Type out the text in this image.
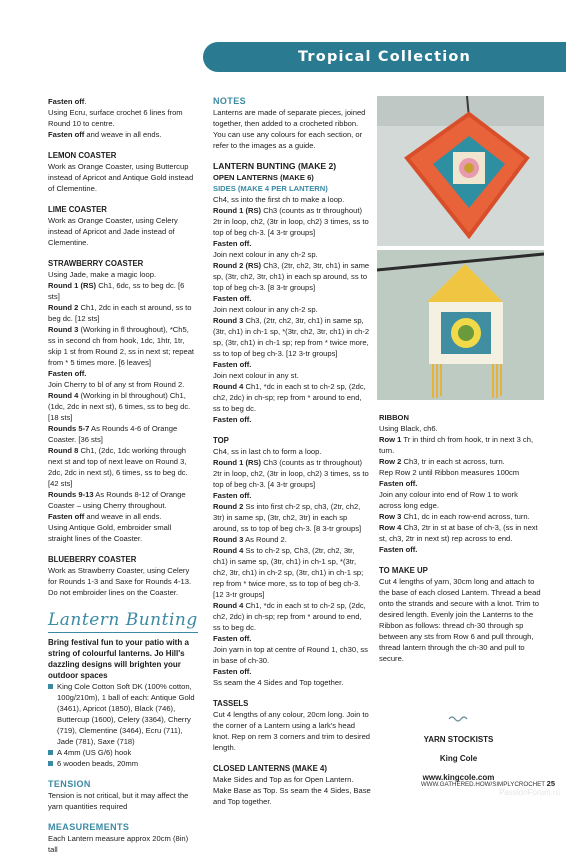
Tropical Collection

Fasten off.

Using Ecru, surface crochet 6 lines from Round 10 to centre.

Fasten off and weave in all ends.

LEMON COASTER

Work as Orange Coaster, using Buttercup instead of Apricot and Antique Gold instead of Clementine.

LIME COASTER

Work as Orange Coaster, using Celery instead of Apricot and Jade instead of Clementine.

STRAWBERRY COASTER

Using Jade, make a magic loop.

Round 1 (RS) Ch1, 6dc, ss to beg dc. [6 sts]

Round 2 Ch1, 2dc in each st around, ss to beg dc. [12 sts]

Round 3 (Working in fl throughout), *Ch5, ss in second ch from hook, 1dc, 1htr, 1tr, skip 1 st from Round 2, ss in next st; repeat from * 5 times more. [6 leaves]

Fasten off.

Join Cherry to bl of any st from Round 2.

Round 4 (Working in bl throughout) Ch1, (1dc, 2dc in next st), 6 times, ss to beg dc. [18 sts]

Rounds 5-7 As Rounds 4-6 of Orange Coaster. [36 sts]

Round 8 Ch1, (2dc, 1dc working through next st and top of next leave on Round 3, 2dc, 2dc in next st), 6 times, ss to beg dc. [42 sts]

Rounds 9-13 As Rounds 8-12 of Orange Coaster – using Cherry throughout.

Fasten off and weave in all ends.

Using Antique Gold, embroider small straight lines of the Coaster.

BLUEBERRY COASTER

Work as Strawberry Coaster, using Celery for Rounds 1-3 and Saxe for Rounds 4-13.

Do not embroider lines on the Coaster.

Lantern Bunting

Bring festival fun to your patio with a string of colourful lanterns. Jo Hill's dazzling designs will brighten your outdoor spaces

King Cole Cotton Soft DK (100% cotton, 100g/210m), 1 ball of each: Antique Gold (3461), Apricot (1850), Black (746), Buttercup (1600), Celery (3364), Cherry (719), Clementine (3464), Ecru (711), Jade (781), Saxe (718)

A 4mm (US G/6) hook

6 wooden beads, 20mm

TENSION

Tension is not critical, but it may affect the yarn quantities required

MEASUREMENTS

Each Lantern measure approx 20cm (8in) tall

NOTES

Lanterns are made of separate pieces, joined together, then added to a crocheted ribbon. You can use any colours for each section, or refer to the images as a guide.

LANTERN BUNTING (MAKE 2)

OPEN LANTERNS (MAKE 6)

SIDES (MAKE 4 PER LANTERN)

Ch4, ss into the first ch to make a loop.

Round 1 (RS) Ch3 (counts as tr throughout) 2tr in loop, ch2, (3tr in loop, ch2) 3 times, ss to top of beg ch-3. [4 3-tr groups]

Fasten off.

Join next colour in any ch-2 sp.

Round 2 (RS) Ch3, (2tr, ch2, 3tr, ch1) in same sp, (3tr, ch2, 3tr, ch1) in each sp around, ss to top of beg ch-3. [8 3-tr groups]

Fasten off.

Join next colour in any ch-2 sp.

Round 3 Ch3, (2tr, ch2, 3tr, ch1) in same sp, (3tr, ch1) in ch-1 sp, *(3tr, ch2, 3tr, ch1) in ch-2 sp, (3tr, ch1) in ch-1 sp; rep from * twice more, ss to top of beg ch-3. [12 3-tr groups]

Fasten off.

Join next colour in any st.

Round 4 Ch1, *dc in each st to ch-2 sp, (2dc, ch2, 2dc) in ch-sp; rep from * around to end, ss to beg dc.

Fasten off.

TOP

Ch4, ss in last ch to form a loop.

Round 1 (RS) Ch3 (counts as tr throughout) 2tr in loop, ch2, (3tr in loop, ch2) 3 times, ss to top of beg ch-3. [4 3-tr groups]

Fasten off.

Round 2 Ss into first ch-2 sp, ch3, (2tr, ch2, 3tr) in same sp, (3tr, ch2, 3tr) in each sp around, ss to top of beg ch-3. [8 3-tr groups]

Round 3 As Round 2.

Round 4 Ss to ch-2 sp, Ch3, (2tr, ch2, 3tr, ch1) in same sp, (3tr, ch1) in ch-1 sp, *(3tr, ch2, 3tr, ch1) in ch-2 sp, (3tr, ch1) in ch-1 sp; rep from * twice more, ss to top of beg ch-3. [12 3-tr groups]

Round 4 Ch1, *dc in each st to ch-2 sp, (2dc, ch2, 2dc) in ch-sp; rep from * around to end, ss to beg dc.

Fasten off.

Join yarn in top at centre of Round 1, ch30, ss in base of ch-30.

Fasten off.

Ss seam the 4 Sides and Top together.

TASSELS

Cut 4 lengths of any colour, 20cm long. Join to the corner of a Lantern using a lark's head knot. Rep on rem 3 corners and trim to desired length.

CLOSED LANTERNS (MAKE 4)

Make Sides and Top as for Open Lantern. Make Base as Top. Ss seam the 4 Sides, Base and Top together.

RIBBON

Using Black, ch6.

Row 1 Tr in third ch from hook, tr in next 3 ch, turn.

Row 2 Ch3, tr in each st across, turn.

Rep Row 2 until Ribbon measures 100cm

Fasten off.

Join any colour into end of Row 1 to work across long edge.

Row 3 Ch1, dc in each row-end across, turn.

Row 4 Ch3, 2tr in st at base of ch-3, (ss in next st, ch3, 2tr in next st) rep across to end.

Fasten off.

TO MAKE UP

Cut 4 lengths of yarn, 30cm long and attach to the base of each closed Lantern. Thread a bead onto the strands and secure with a knot. Trim to desired length. Evenly join the Lanterns to the Ribbon as follows: thread ch-30 through sp between any sts from Row 6 and pull through, thread lantern through the ch-30 and pull to secure.

YARN STOCKISTS

King Cole

www.kingcole.com

WWW.GATHERED.HOW/SIMPLYCROCHET 25
PassionForum.ru
